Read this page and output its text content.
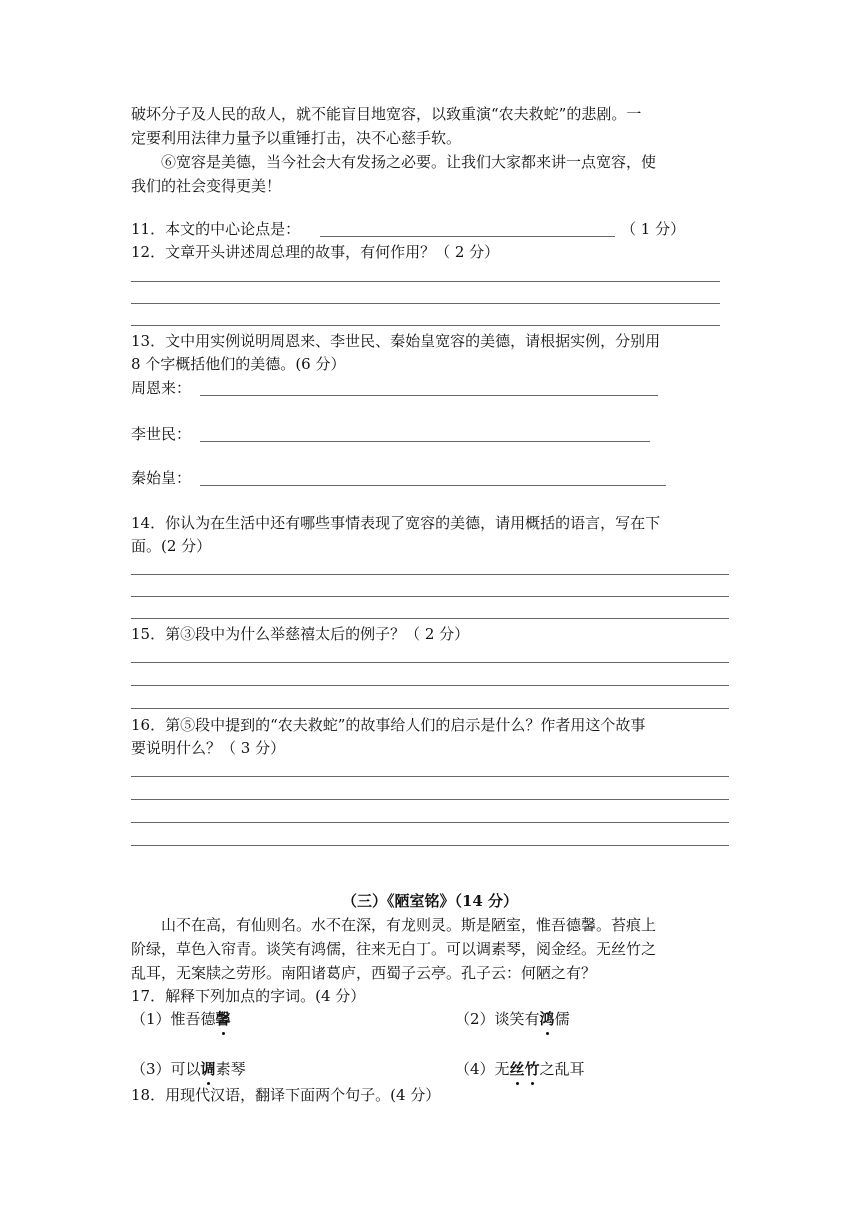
破坏分子及人民的敌人，就不能盲目地宽容，以致重演“农夫救蛇”的悲剧。一
定要利用法律力量予以重锤打击，决不心慈手软。
⑥宽容是美德，当今社会大有发扬之必要。让我们大家都来讲一点宽容，使
我们的社会变得更美！
11．本文的中心论点是：	（ 1 分）
12．文章开头讲述周总理的故事，有何作用？（ 2 分）
13．文中用实例说明周恩来、李世民、秦始皇宽容的美德，请根据实例，分别用
8 个字概括他们的美德。(6 分）
周恩来：
李世民：
秦始皇：
14．你认为在生活中还有哪些事情表现了宽容的美德，请用概括的语言，写在下
面。(2 分）
15．第③段中为什么举慈禧太后的例子？（ 2 分）
16．第⑤段中提到的“农夫救蛇”的故事给人们的启示是什么？作者用这个故事
要说明什么？（ 3 分）
（三）《陋室铭》（14 分）
山不在高，有仙则名。水不在深，有龙则灵。斯是陋室，惟吾德馨。苔痕上
阶绿，草色入帘青。谈笑有鸿儒，往来无白丁。可以调素琴，阅金经。无丝竹之
乱耳，无案牍之劳形。南阳诸葛庐，西蜀子云亭。孔子云：何陋之有？
17．解释下列加点的字词。(4 分）
（1）惟吾德馨	（2）谈笑有鸿儒
（3）可以调素琴	（4）无丝竹之乱耳
18．用现代汉语，翻译下面两个句子。(4 分）
